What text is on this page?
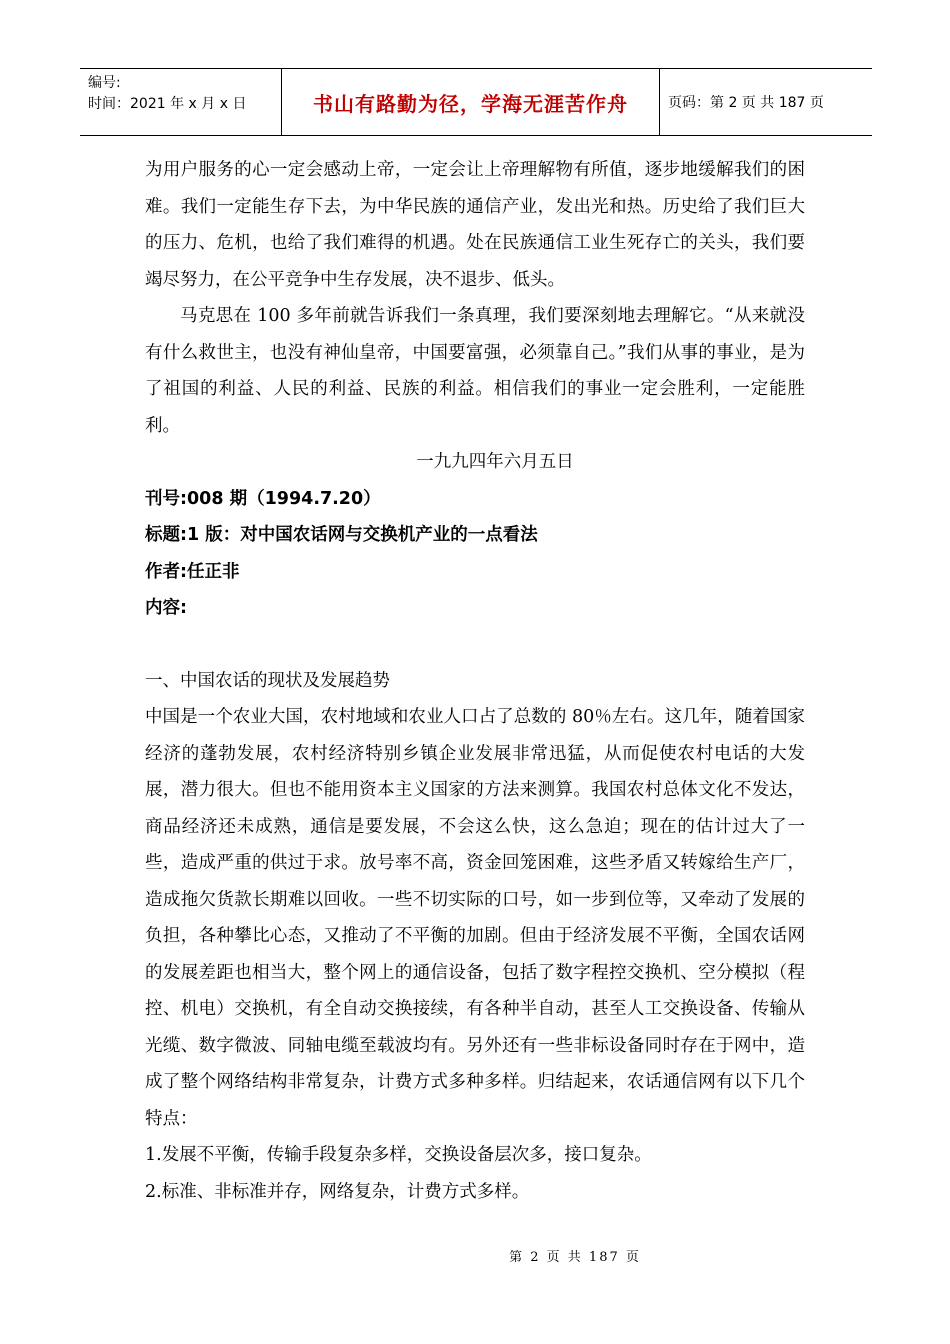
编号:
时间：2021 年 x 月 x 日	书山有路勤为径，学海无涯苦作舟	页码：第 2 页 共 187 页

为用户服务的心一定会感动上帝，一定会让上帝理解物有所值，逐步地缓解我们的困难。我们一定能生存下去，为中华民族的通信产业，发出光和热。历史给了我们巨大的压力、危机，也给了我们难得的机遇。处在民族通信工业生死存亡的关头，我们要竭尽努力，在公平竞争中生存发展，决不退步、低头。

马克思在 100 多年前就告诉我们一条真理，我们要深刻地去理解它。“从来就没有什么救世主，也没有神仙皇帝，中国要富强，必须靠自己。”我们从事的事业，是为了祖国的利益、人民的利益、民族的利益。相信我们的事业一定会胜利，一定能胜利。

一九九四年六月五日

刊号:008 期（1994.7.20）

标题:1 版：对中国农话网与交换机产业的一点看法

作者:任正非

内容:

一、中国农话的现状及发展趋势

中国是一个农业大国，农村地域和农业人口占了总数的 80％左右。这几年，随着国家经济的蓬勃发展，农村经济特别乡镇企业发展非常迅猛，从而促使农村电话的大发展，潜力很大。但也不能用资本主义国家的方法来测算。我国农村总体文化不发达，商品经济还未成熟，通信是要发展，不会这么快，这么急迫；现在的估计过大了一些，造成严重的供过于求。放号率不高，资金回笼困难，这些矛盾又转嫁给生产厂，造成拖欠货款长期难以回收。一些不切实际的口号，如一步到位等，又牵动了发展的负担，各种攀比心态，又推动了不平衡的加剧。但由于经济发展不平衡，全国农话网的发展差距也相当大，整个网上的通信设备，包括了数字程控交换机、空分模拟（程控、机电）交换机，有全自动交换接续，有各种半自动，甚至人工交换设备、传输从光缆、数字微波、同轴电缆至载波均有。另外还有一些非标设备同时存在于网中，造成了整个网络结构非常复杂，计费方式多种多样。归结起来，农话通信网有以下几个特点：

1.发展不平衡，传输手段复杂多样，交换设备层次多，接口复杂。

2.标准、非标准并存，网络复杂，计费方式多样。

第 2 页 共 187 页
